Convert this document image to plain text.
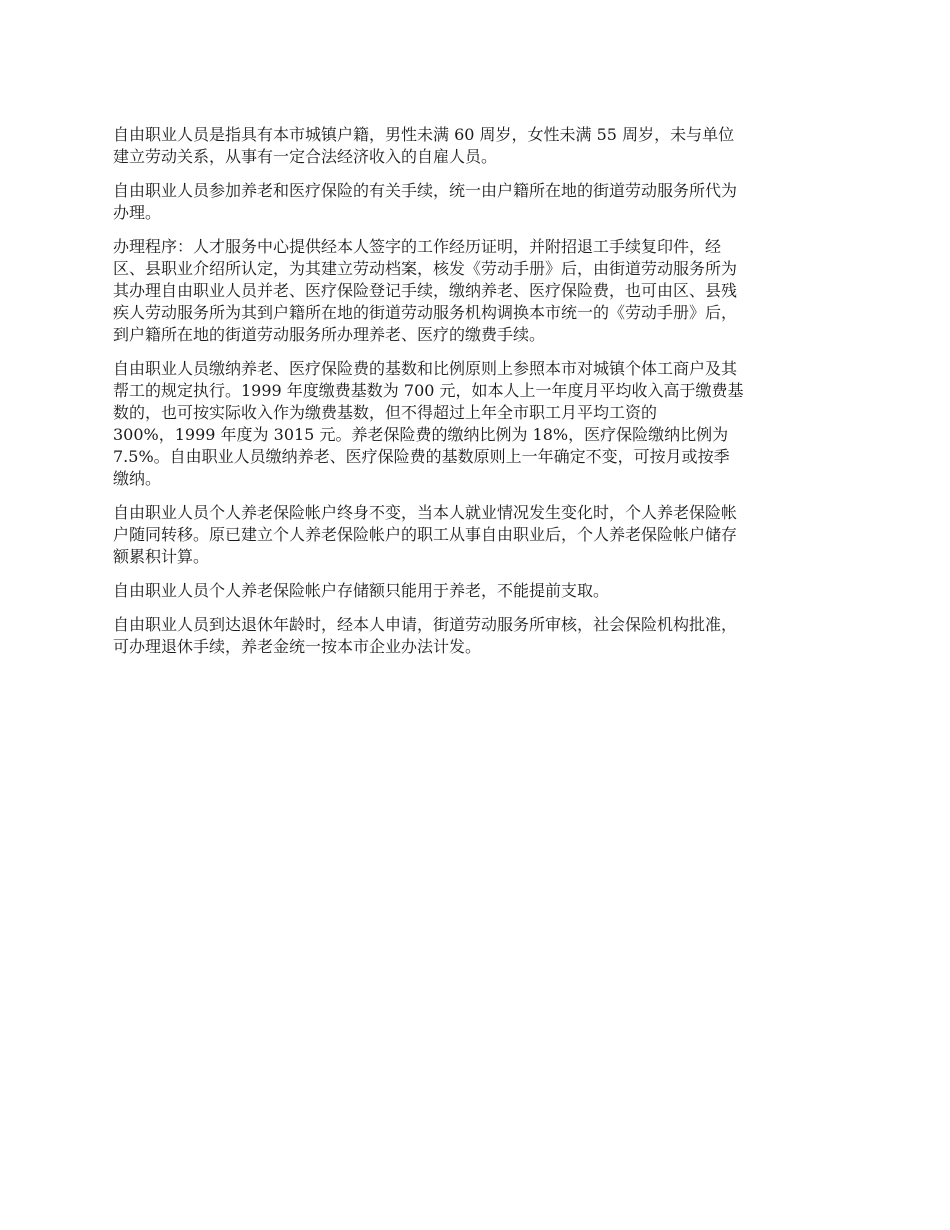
自由职业人员是指具有本市城镇户籍，男性未满 60 周岁，女性未满 55 周岁，未与单位
建立劳动关系，从事有一定合法经济收入的自雇人员。

自由职业人员参加养老和医疗保险的有关手续，统一由户籍所在地的街道劳动服务所代为
办理。

办理程序：人才服务中心提供经本人签字的工作经历证明，并附招退工手续复印件，经
区、县职业介绍所认定，为其建立劳动档案，核发《劳动手册》后，由街道劳动服务所为
其办理自由职业人员并老、医疗保险登记手续，缴纳养老、医疗保险费，也可由区、县残
疾人劳动服务所为其到户籍所在地的街道劳动服务机构调换本市统一的《劳动手册》后，
到户籍所在地的街道劳动服务所办理养老、医疗的缴费手续。

自由职业人员缴纳养老、医疗保险费的基数和比例原则上参照本市对城镇个体工商户及其
帮工的规定执行。1999 年度缴费基数为 700 元，如本人上一年度月平均收入高于缴费基
数的，也可按实际收入作为缴费基数，但不得超过上年全市职工月平均工资的
300%，1999 年度为 3015 元。养老保险费的缴纳比例为 18%，医疗保险缴纳比例为
7.5%。自由职业人员缴纳养老、医疗保险费的基数原则上一年确定不变，可按月或按季
缴纳。

自由职业人员个人养老保险帐户终身不变，当本人就业情况发生变化时，个人养老保险帐
户随同转移。原已建立个人养老保险帐户的职工从事自由职业后，个人养老保险帐户储存
额累积计算。

自由职业人员个人养老保险帐户存储额只能用于养老，不能提前支取。

自由职业人员到达退休年龄时，经本人申请，街道劳动服务所审核，社会保险机构批准，
可办理退休手续，养老金统一按本市企业办法计发。
